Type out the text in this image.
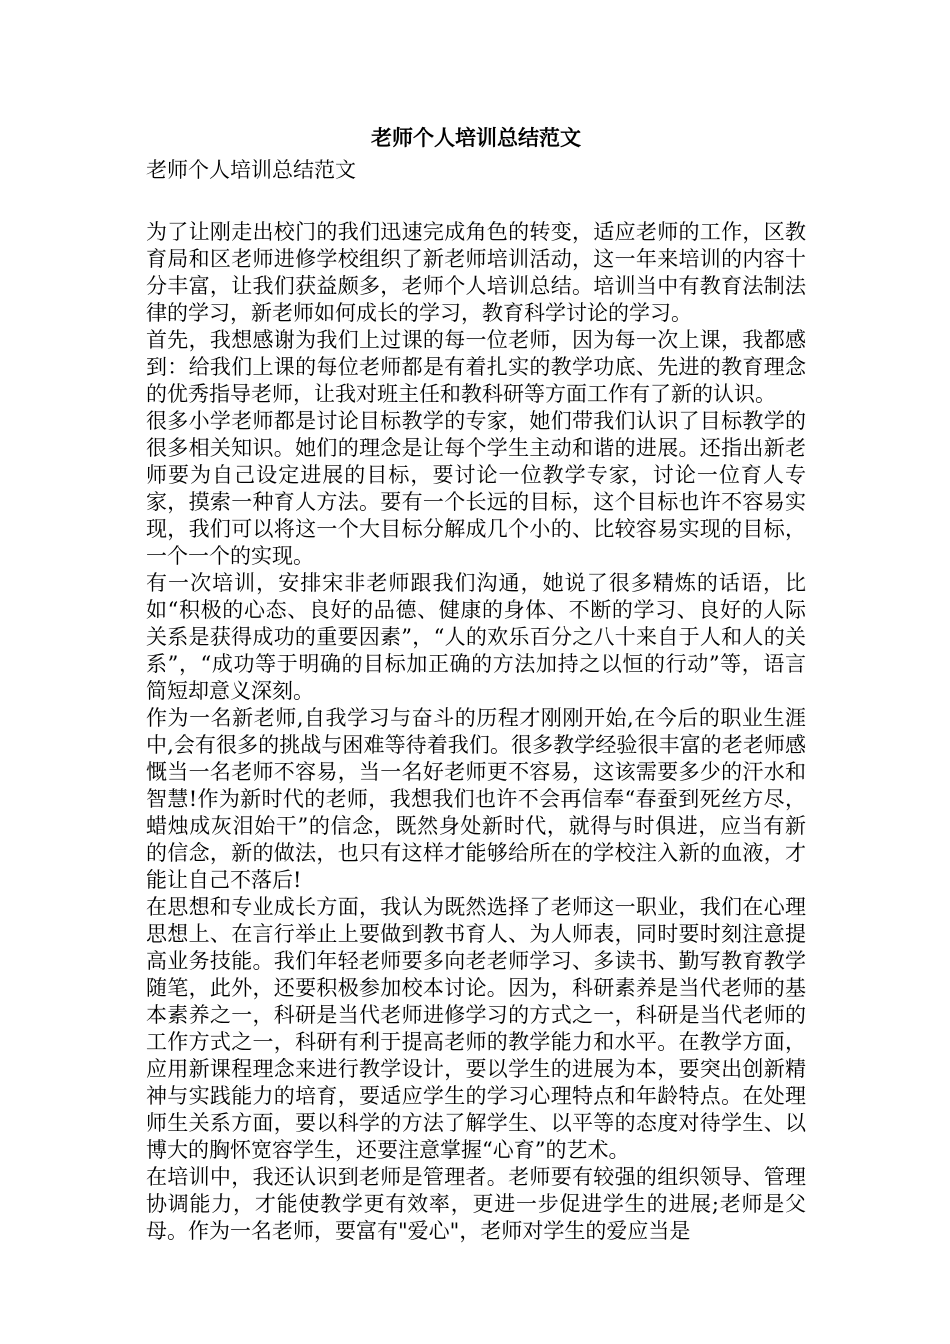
老师个人培训总结范文

老师个人培训总结范文

为了让刚走出校门的我们迅速完成角色的转变，适应老师的工作，区教育局和区老师进修学校组织了新老师培训活动，这一年来培训的内容十分丰富，让我们获益颇多，老师个人培训总结。培训当中有教育法制法律的学习，新老师如何成长的学习，教育科学讨论的学习。

首先，我想感谢为我们上过课的每一位老师，因为每一次上课，我都感到：给我们上课的每位老师都是有着扎实的教学功底、先进的教育理念的优秀指导老师，让我对班主任和教科研等方面工作有了新的认识。

很多小学老师都是讨论目标教学的专家，她们带我们认识了目标教学的很多相关知识。她们的理念是让每个学生主动和谐的进展。还指出新老师要为自己设定进展的目标，要讨论一位教学专家，讨论一位育人专家，摸索一种育人方法。要有一个长远的目标，这个目标也许不容易实现，我们可以将这一个大目标分解成几个小的、比较容易实现的目标，一个一个的实现。

有一次培训，安排宋非老师跟我们沟通，她说了很多精炼的话语，比如“积极的心态、良好的品德、健康的身体、不断的学习、良好的人际关系是获得成功的重要因素”，“人的欢乐百分之八十来自于人和人的关系”，“成功等于明确的目标加正确的方法加持之以恒的行动”等，语言简短却意义深刻。

作为一名新老师,自我学习与奋斗的历程才刚刚开始,在今后的职业生涯中,会有很多的挑战与困难等待着我们。很多教学经验很丰富的老老师感慨当一名老师不容易，当一名好老师更不容易，这该需要多少的汗水和智慧!作为新时代的老师，我想我们也许不会再信奉“春蚕到死丝方尽，蜡烛成灰泪始干”的信念，既然身处新时代，就得与时俱进，应当有新的信念，新的做法，也只有这样才能够给所在的学校注入新的血液，才能让自己不落后!

在思想和专业成长方面，我认为既然选择了老师这一职业，我们在心理思想上、在言行举止上要做到教书育人、为人师表，同时要时刻注意提高业务技能。我们年轻老师要多向老老师学习、多读书、勤写教育教学随笔，此外，还要积极参加校本讨论。因为，科研素养是当代老师的基本素养之一，科研是当代老师进修学习的方式之一，科研是当代老师的工作方式之一，科研有利于提高老师的教学能力和水平。在教学方面，应用新课程理念来进行教学设计，要以学生的进展为本，要突出创新精神与实践能力的培育，要适应学生的学习心理特点和年龄特点。在处理师生关系方面，要以科学的方法了解学生、以平等的态度对待学生、以博大的胸怀宽容学生，还要注意掌握“心育”的艺术。

在培训中，我还认识到老师是管理者。老师要有较强的组织领导、管理协调能力，才能使教学更有效率，更进一步促进学生的进展;老师是父母。作为一名老师，要富有"爱心"，老师对学生的爱应当是
